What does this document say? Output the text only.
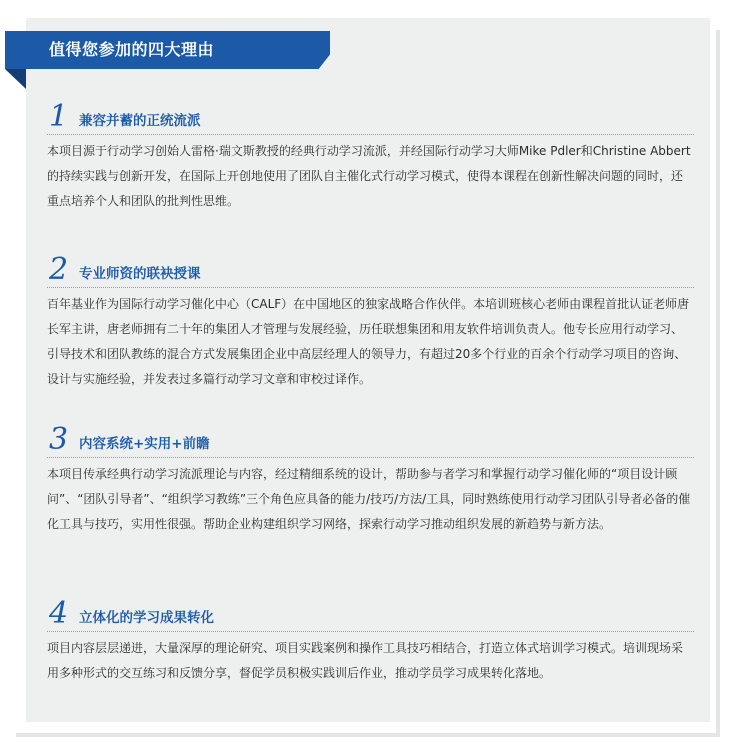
值得您参加的四大理由
1 兼容并蓄的正统流派

本项目源于行动学习创始人雷格·瑞文斯教授的经典行动学习流派，并经国际行动学习大师Mike Pdler和Christine Abbert的持续实践与创新开发，在国际上开创地使用了团队自主催化式行动学习模式，使得本课程在创新性解决问题的同时，还重点培养个人和团队的批判性思维。

2 专业师资的联袂授课

百年基业作为国际行动学习催化中心（CALF）在中国地区的独家战略合作伙伴。本培训班核心老师由课程首批认证老师唐长军主讲，唐老师拥有二十年的集团人才管理与发展经验，历任联想集团和用友软件培训负责人。他专长应用行动学习、引导技术和团队教练的混合方式发展集团企业中高层经理人的领导力，有超过20多个行业的百余个行动学习项目的咨询、设计与实施经验，并发表过多篇行动学习文章和审校过译作。

3 内容系统+实用+前瞻

本项目传承经典行动学习流派理论与内容，经过精细系统的设计，帮助参与者学习和掌握行动学习催化师的“项目设计顾问”、“团队引导者”、“组织学习教练”三个角色应具备的能力/技巧/方法/工具，同时熟练使用行动学习团队引导者必备的催化工具与技巧，实用性很强。帮助企业构建组织学习网络，探索行动学习推动组织发展的新趋势与新方法。

4 立体化的学习成果转化

项目内容层层递进，大量深厚的理论研究、项目实践案例和操作工具技巧相结合，打造立体式培训学习模式。培训现场采用多种形式的交互练习和反馈分享，督促学员积极实践训后作业，推动学员学习成果转化落地。
